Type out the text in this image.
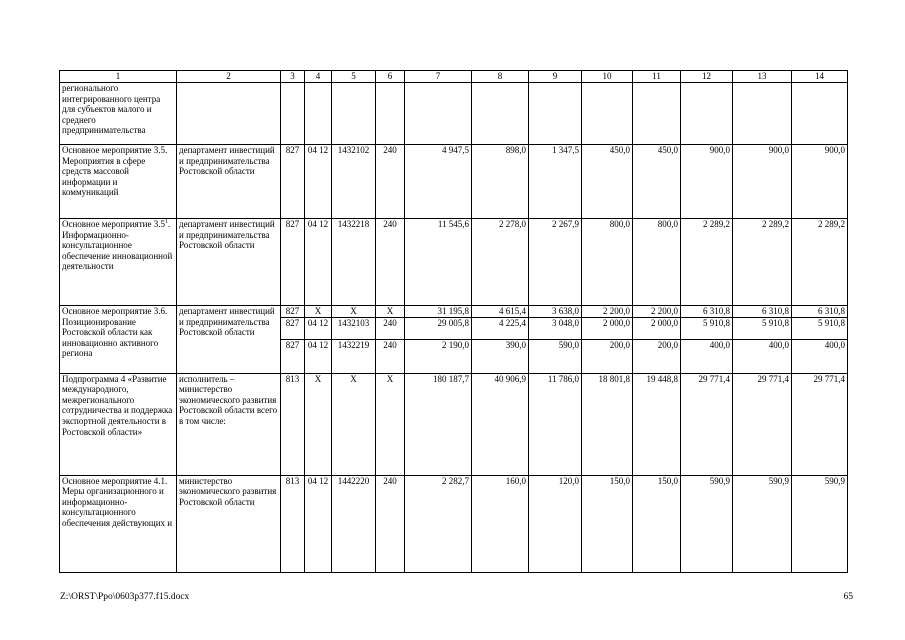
1	2	3	4	5	6	7	8	9	10	11	12	13	14
регионального интегрированного центра для субъектов малого и среднего предпринимательства													
Основное мероприятие 3.5. Мероприятия в сфере средств массовой информации и коммуникаций	департамент инвестиций и предпринимательства Ростовской области	827	04 12	1432102	240	4 947,5	898,0	1 347,5	450,0	450,0	900,0	900,0	900,0
Основное мероприятие $3.5^1$. Информационно-консультационное обеспечение инновационной деятельности	департамент инвестиций и предпринимательства Ростовской области	827	04 12	1432218	240	11 545,6	2 278,0	2 267,9	800,0	800,0	2 289,2	2 289,2	2 289,2
Основное мероприятие 3.6. Позиционирование Ростовской области как инновационно активного региона	департамент инвестиций и предпринимательства Ростовской области	827	Х	Х	Х	31 195,8	4 615,4	3 638,0	2 200,0	2 200,0	6 310,8	6 310,8	6 310,8
		827	04 12	1432103	240	29 005,8	4 225,4	3 048,0	2 000,0	2 000,0	5 910,8	5 910,8	5 910,8
		827	04 12	1432219	240	2 190,0	390,0	590,0	200,0	200,0	400,0	400,0	400,0
Подпрограмма 4 «Развитие международного, межрегионального сотрудничества и поддержка экспортной деятельности в Ростовской области»	исполнитель – министерство экономического развития Ростовской области всего в том числе:	813	Х	Х	Х	180 187,7	40 906,9	11 786,0	18 801,8	19 448,8	29 771,4	29 771,4	29 771,4
Основное мероприятие 4.1. Меры организационного и информационно-консультационного обеспечения действующих и	министерство экономического развития Ростовской области	813	04 12	1442220	240	2 282,7	160,0	120,0	150,0	150,0	590,9	590,9	590,9
Z:\ORST\Ppo\0603p377.f15.docx	65
